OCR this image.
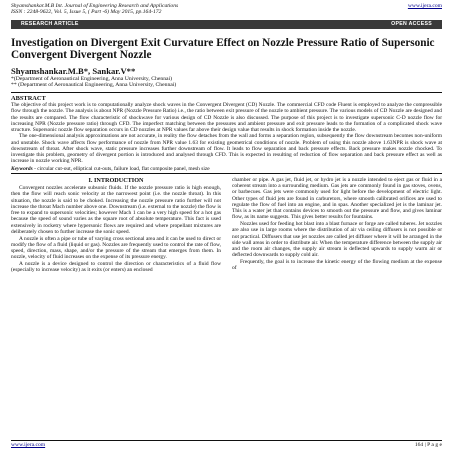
Shyamshankar.M.B Int. Journal of Engineering Research and Applications
ISSN : 2248-9622, Vol. 5, Issue 5, ( Part -6) May 2015, pp.164-172
www.ijera.com
RESEARCH ARTICLE	OPEN ACCESS
Investigation on Divergent Exit Curvature Effect on Nozzle Pressure Ratio of Supersonic Convergent Divergent Nozzle
Shyamshankar.M.B*, Sankar.V**
*(Department of Aeronautical Engineering, Anna University, Chennai)
** (Department of Aeronautical Engineering, Anna University, Chennai)
ABSTRACT
The objective of this project work is to computationally analyze shock waves in the Convergent Divergent (CD) Nozzle. The commercial CFD code Fluent is employed to analyze the compressible flow through the nozzle. The analysis is about NPR (Nozzle Pressure Ratio) i.e., the ratio between exit pressure of the nozzle to ambient pressure. The various models of CD Nozzle are designed and the results are compared. The flow characteristic of shockwave for various design of CD Nozzle is also discussed. The purpose of this project is to investigate supersonic C-D nozzle flow for increasing NPR (Nozzle pressure ratio) through CFD. The imperfect matching between the pressures and ambient pressure and exit pressure leads to the formation of a complicated shock wave structure. Supersonic nozzle flow separation occurs in CD nozzles at NPR values far above their design value that results in shock formation inside the nozzle.
The one-dimensional analysis approximations are not accurate, in reality the flow detaches from the wall and forms a separation region, subsequently the flow downstream becomes non-uniform and unstable. Shock wave affects flow performance of nozzle from NPR value 1.63 for existing geometrical conditions of nozzle. Problem of using this nozzle above 1.63NPR is shock wave at downstream of throat. After shock wave, static pressure increases further downstream of flow. It leads to flow separation and back pressure effects. Back pressure makes nozzle chocked. To investigate this problem, geometry of divergent portion is introduced and analysed through CFD. This is expected in resulting of reduction of flow separation and back pressure effect as well as increase in nozzle working NPR.
Keywords - circular cut-out, elliptical cut-outs, failure load, flat composite panel, mesh size
I. INTRODUCTION

Convergent nozzles accelerate subsonic fluids. If the nozzle pressure ratio is high enough, then the flow will reach sonic velocity at the narrowest point (i.e. the nozzle throat). In this situation, the nozzle is said to be choked. Increasing the nozzle pressure ratio further will not increase the throat Mach number above one. Downstream (i.e. external to the nozzle) the flow is free to expand to supersonic velocities; however Mach 1 can be a very high speed for a hot gas because the speed of sound varies as the square root of absolute temperature. This fact is used extensively in rocketry where hypersonic flows are required and where propellant mixtures are deliberately chosen to further increase the sonic speed.

A nozzle is often a pipe or tube of varying cross sectional area and it can be used to direct or modify the flow of a fluid (liquid or gas). Nozzles are frequently used to control the rate of flow, speed, direction, mass, shape, and/or the pressure of the stream that emerges from them. In nozzle, velocity of fluid increases on the expense of its pressure energy.

A nozzle is a device designed to control the direction or characteristics of a fluid flow (especially to increase velocity) as it exits (or enters) an enclosed

chamber or pipe. A gas jet, fluid jet, or hydro jet is a nozzle intended to eject gas or fluid in a coherent stream into a surrounding medium. Gas jets are commonly found in gas stoves, ovens, or barbecues. Gas jets were commonly used for light before the development of electric light. Other types of fluid jets are found in carburetors, where smooth calibrated orifices are used to regulate the flow of fuel into an engine, and in spas. Another specialized jet is the laminar jet. This is a water jet that contains devices to smooth out the pressure and flow, and gives laminar flow, as its name suggests. This gives better results for fountains.

Nozzles used for feeding hot blast into a blast furnace or forge are called tuberes. Jet nozzles are also use in large rooms where the distribution of air via ceiling diffusers is not possible or not practical. Diffusers that use jet nozzles are called jet diffuser where it will be arranged in the side wall areas in order to distribute air. When the temperature difference between the supply air and the room air changes, the supply air stream is deflected upwards to supply warm air or deflected downwards to supply cold air.

Frequently, the goal is to increase the kinetic energy of the flowing medium at the expense of

www.ijera.com	164 | P a g e
